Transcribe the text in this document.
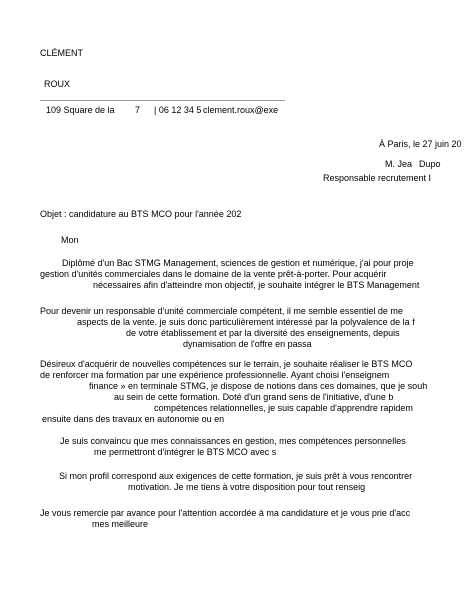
CLÉMENT
ROUX
109 Square de la	7	| 06 12 34 5 clement.roux@exe
À Paris, le 27 juin 20
M. Jea Dupo
Responsable recrutement I
Objet : candidature au BTS MCO pour l'année 202
Mon
Diplômé d'un Bac STMG Management, sciences de gestion et numérique, j'ai pour proje
gestion d'unités commerciales dans le domaine de la vente prêt-à-porter. Pour acquérir
nécessaires afin d'atteindre mon objectif, je souhaite intégrer le BTS Management
Pour devenir un responsable d'unité commerciale compétent, il me semble essentiel de me
aspects de la vente. je suis donc particulièrement intéressé par la polyvalence de la f
de votre établissement et par la diversité des enseignements, depuis
dynamisation de l'offre en passa
Désireux d'acquérir de nouvelles compétences sur le terrain, je souhaite réaliser le BTS MCO
de renforcer ma formation par une expérience professionnelle. Ayant choisi l'enseignem
finance » en terminale STMG, je dispose de notions dans ces domaines, que je souh
au sein de cette formation. Doté d'un grand sens de l'initiative, d'une b
compétences relationnelles, je suis capable d'apprendre rapidem
ensuite dans des travaux en autonomie ou en
Je suis convaincu que mes connaissances en gestion, mes compétences personnelles
me permettront d'intégrer le BTS MCO avec s
Si mon profil correspond aux exigences de cette formation, je suis prêt à vous rencontrer
motivation. Je me tiens à votre disposition pour tout renseig
Je vous remercie par avance pour l'attention accordée à ma candidature et je vous prie d'acc
mes meilleure
